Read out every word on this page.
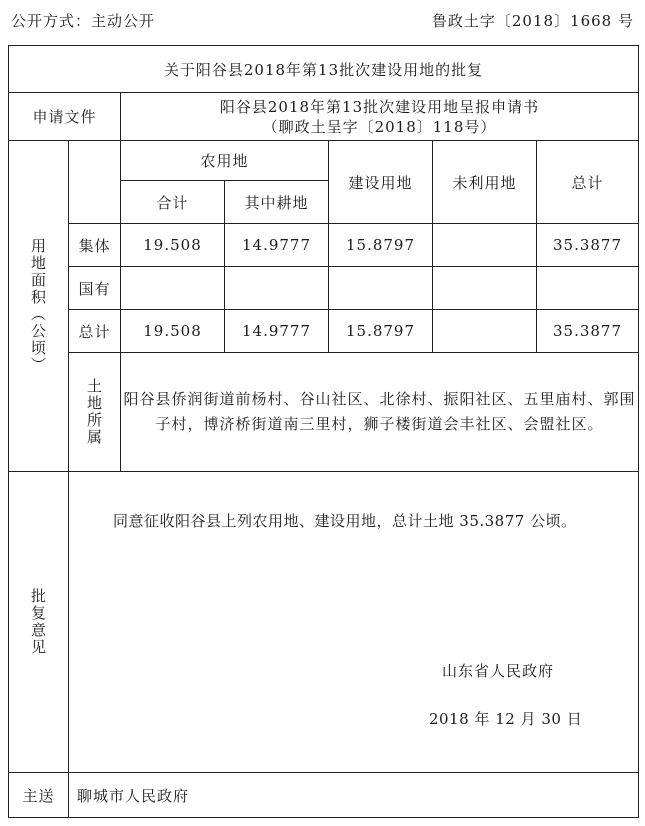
公开方式：主动公开	鲁政土字〔2018〕1668 号
关于阳谷县2018年第13批次建设用地的批复						
申请文件		阳谷县2018年第13批次建设用地呈报申请书
（聊政土呈字〔2018〕118号）				

用地面积（公顷）		农用地		建设用地	未利用地	总计
		合计	其中耕地			
	集体	19.508	14.9777	15.8797		35.3877
	国有					
	总计	19.508	14.9777	15.8797		35.3877

	土地所属	阳谷县侨润街道前杨村、谷山社区、北徐村、振阳社区、五里庙村、郭围子村，博济桥街道南三里村，狮子楼街道会丰社区、会盟社区。				

批复意见	同意征收阳谷县上列农用地、建设用地，总计土地 35.3877 公顷。
山东省人民政府
2018 年 12 月 30 日					

主送	聊城市人民政府					
